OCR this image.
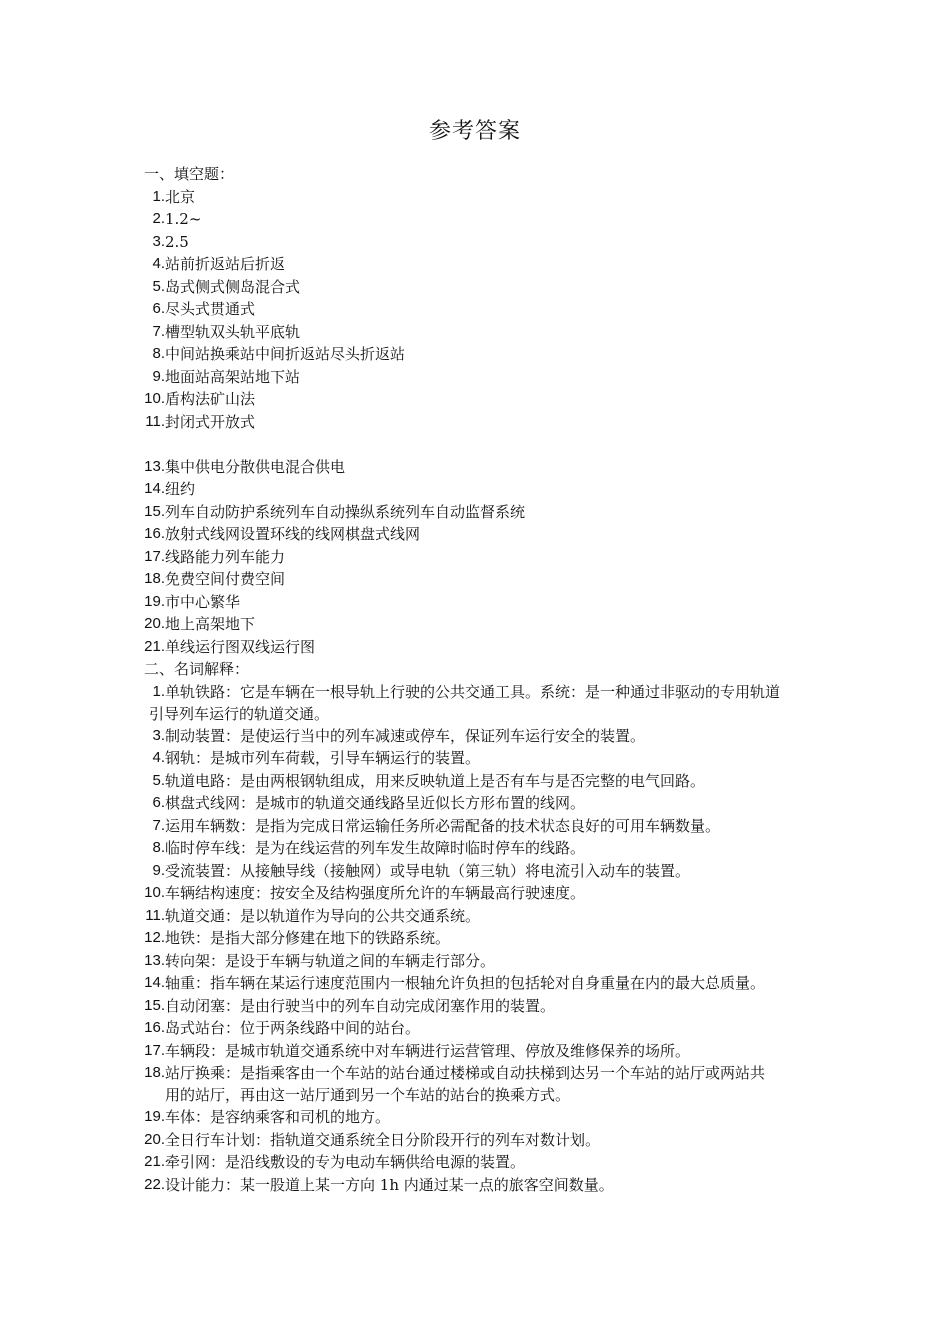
参考答案
一、填空题：
1. 北京
2. 1.2~
3. 2.5
4. 站前折返站后折返
5. 岛式侧式侧岛混合式
6. 尽头式贯通式
7. 槽型轨双头轨平底轨
8. 中间站换乘站中间折返站尽头折返站
9. 地面站高架站地下站
10. 盾构法矿山法
11. 封闭式开放式
13. 集中供电分散供电混合供电
14. 纽约
15. 列车自动防护系统列车自动操纵系统列车自动监督系统
16. 放射式线网设置环线的线网棋盘式线网
17. 线路能力列车能力
18. 免费空间付费空间
19. 市中心繁华
20. 地上高架地下
21. 单线运行图双线运行图
二、名词解释：
1. 单轨铁路：它是车辆在一根导轨上行驶的公共交通工具。系统：是一种通过非驱动的专用轨道
引导列车运行的轨道交通。
3. 制动装置：是使运行当中的列车减速或停车，保证列车运行安全的装置。
4. 钢轨：是城市列车荷载，引导车辆运行的装置。
5. 轨道电路：是由两根钢轨组成，用来反映轨道上是否有车与是否完整的电气回路。
6. 棋盘式线网：是城市的轨道交通线路呈近似长方形布置的线网。
7. 运用车辆数：是指为完成日常运输任务所必需配备的技术状态良好的可用车辆数量。
8. 临时停车线：是为在线运营的列车发生故障时临时停车的线路。
9. 受流装置：从接触导线（接触网）或导电轨（第三轨）将电流引入动车的装置。
10. 车辆结构速度：按安全及结构强度所允许的车辆最高行驶速度。
11. 轨道交通：是以轨道作为导向的公共交通系统。
12. 地铁：是指大部分修建在地下的铁路系统。
13. 转向架：是设于车辆与轨道之间的车辆走行部分。
14. 轴重：指车辆在某运行速度范围内一根轴允许负担的包括轮对自身重量在内的最大总质量。
15. 自动闭塞：是由行驶当中的列车自动完成闭塞作用的装置。
16. 岛式站台：位于两条线路中间的站台。
17. 车辆段：是城市轨道交通系统中对车辆进行运营管理、停放及维修保养的场所。
18. 站厅换乘：是指乘客由一个车站的站台通过楼梯或自动扶梯到达另一个车站的站厅或两站共
用的站厅，再由这一站厅通到另一个车站的站台的换乘方式。
19. 车体：是容纳乘客和司机的地方。
20. 全日行车计划：指轨道交通系统全日分阶段开行的列车对数计划。
21. 牵引网：是沿线敷设的专为电动车辆供给电源的装置。
22. 设计能力：某一股道上某一方向 1h 内通过某一点的旅客空间数量。
